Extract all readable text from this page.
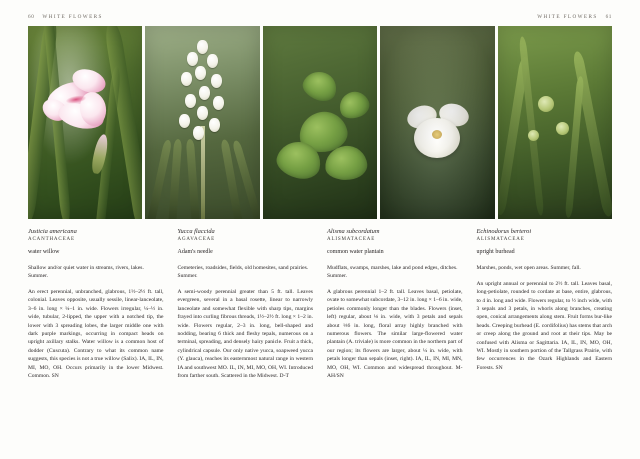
60 WHITE FLOWERS	WHITE FLOWERS 61
Justicia americana
ACANTHACEAE
water willow
Shallow and/or quiet water in streams, rivers, lakes. Summer.
An erect perennial, unbranched, glabrous, 1½–2½ ft. tall, colonial. Leaves opposite, usually sessile, linear-lanceolate, 3–6 in. long × ¼–1 in. wide. Flowers irregular, ¼–½ in. wide, tubular, 2-lipped, the upper with a notched tip, the lower with 3 spreading lobes, the larger middle one with dark purple markings, occurring in compact heads on upright axillary stalks. Water willow is a common host of dodder (Cuscuta). Contrary to what its common name suggests, this species is not a true willow (Salix). IA, IL, IN, MI, MO, OH. Occurs primarily in the lower Midwest. Common. SN
Yucca flaccida
AGAVACEAE
Adam's needle
Cemeteries, roadsides, fields, old homesites, sand prairies. Summer.
A semi-woody perennial greater than 5 ft. tall. Leaves evergreen, several in a basal rosette, linear to narrowly lanceolate and somewhat flexible with sharp tips, margins frayed into curling fibrous threads, 1½–2½ ft. long × 1–2 in. wide. Flowers regular, 2–3 in. long, bell-shaped and nodding, bearing 6 thick and fleshy tepals, numerous on a terminal, spreading, and densely hairy panicle. Fruit a thick, cylindrical capsule. Our only native yucca, soapweed yucca (Y. glauca), reaches its easternmost natural range in western IA and southwest MO. IL, IN, MI, MO, OH, WI. Introduced from farther south. Scattered in the Midwest. D-T
Alisma subcordatum
ALISMATACEAE
common water plantain
Mudflats, swamps, marshes, lake and pond edges, ditches. Summer.
A glabrous perennial 1–2 ft. tall. Leaves basal, petiolate, ovate to somewhat subcordate, 3–12 in. long × 1–6 in. wide, petioles commonly longer than the blades. Flowers (inset, left) regular, about ⅛ in. wide, with 3 petals and sepals about ⅓6 in. long, floral array highly branched with numerous flowers. The similar large-flowered water plantain (A. triviale) is more common in the northern part of our region; its flowers are larger, about ¼ in. wide, with petals longer than sepals (inset, right). IA, IL, IN, MI, MN, MO, OH, WI. Common and widespread throughout. M-AH/SN
Echinodorus berteroi
ALISMATACEAE
upright burhead
Marshes, ponds, wet open areas. Summer, fall.
An upright annual or perennial to 2½ ft. tall. Leaves basal, long-petiolate, rounded to cordate at base, entire, glabrous, to 4 in. long and wide. Flowers regular, to ½ inch wide, with 3 sepals and 3 petals, in whorls along branches, creating open, conical arrangements along stem. Fruit forms bur-like heads. Creeping burhead (E. cordifolius) has stems that arch or creep along the ground and root at their tips. May be confused with Alisma or Sagittaria. IA, IL, IN, MO, OH, WI. Mostly in southern portion of the Tallgrass Prairie, with few occurrences in the Ozark Highlands and Eastern Forests. SN
